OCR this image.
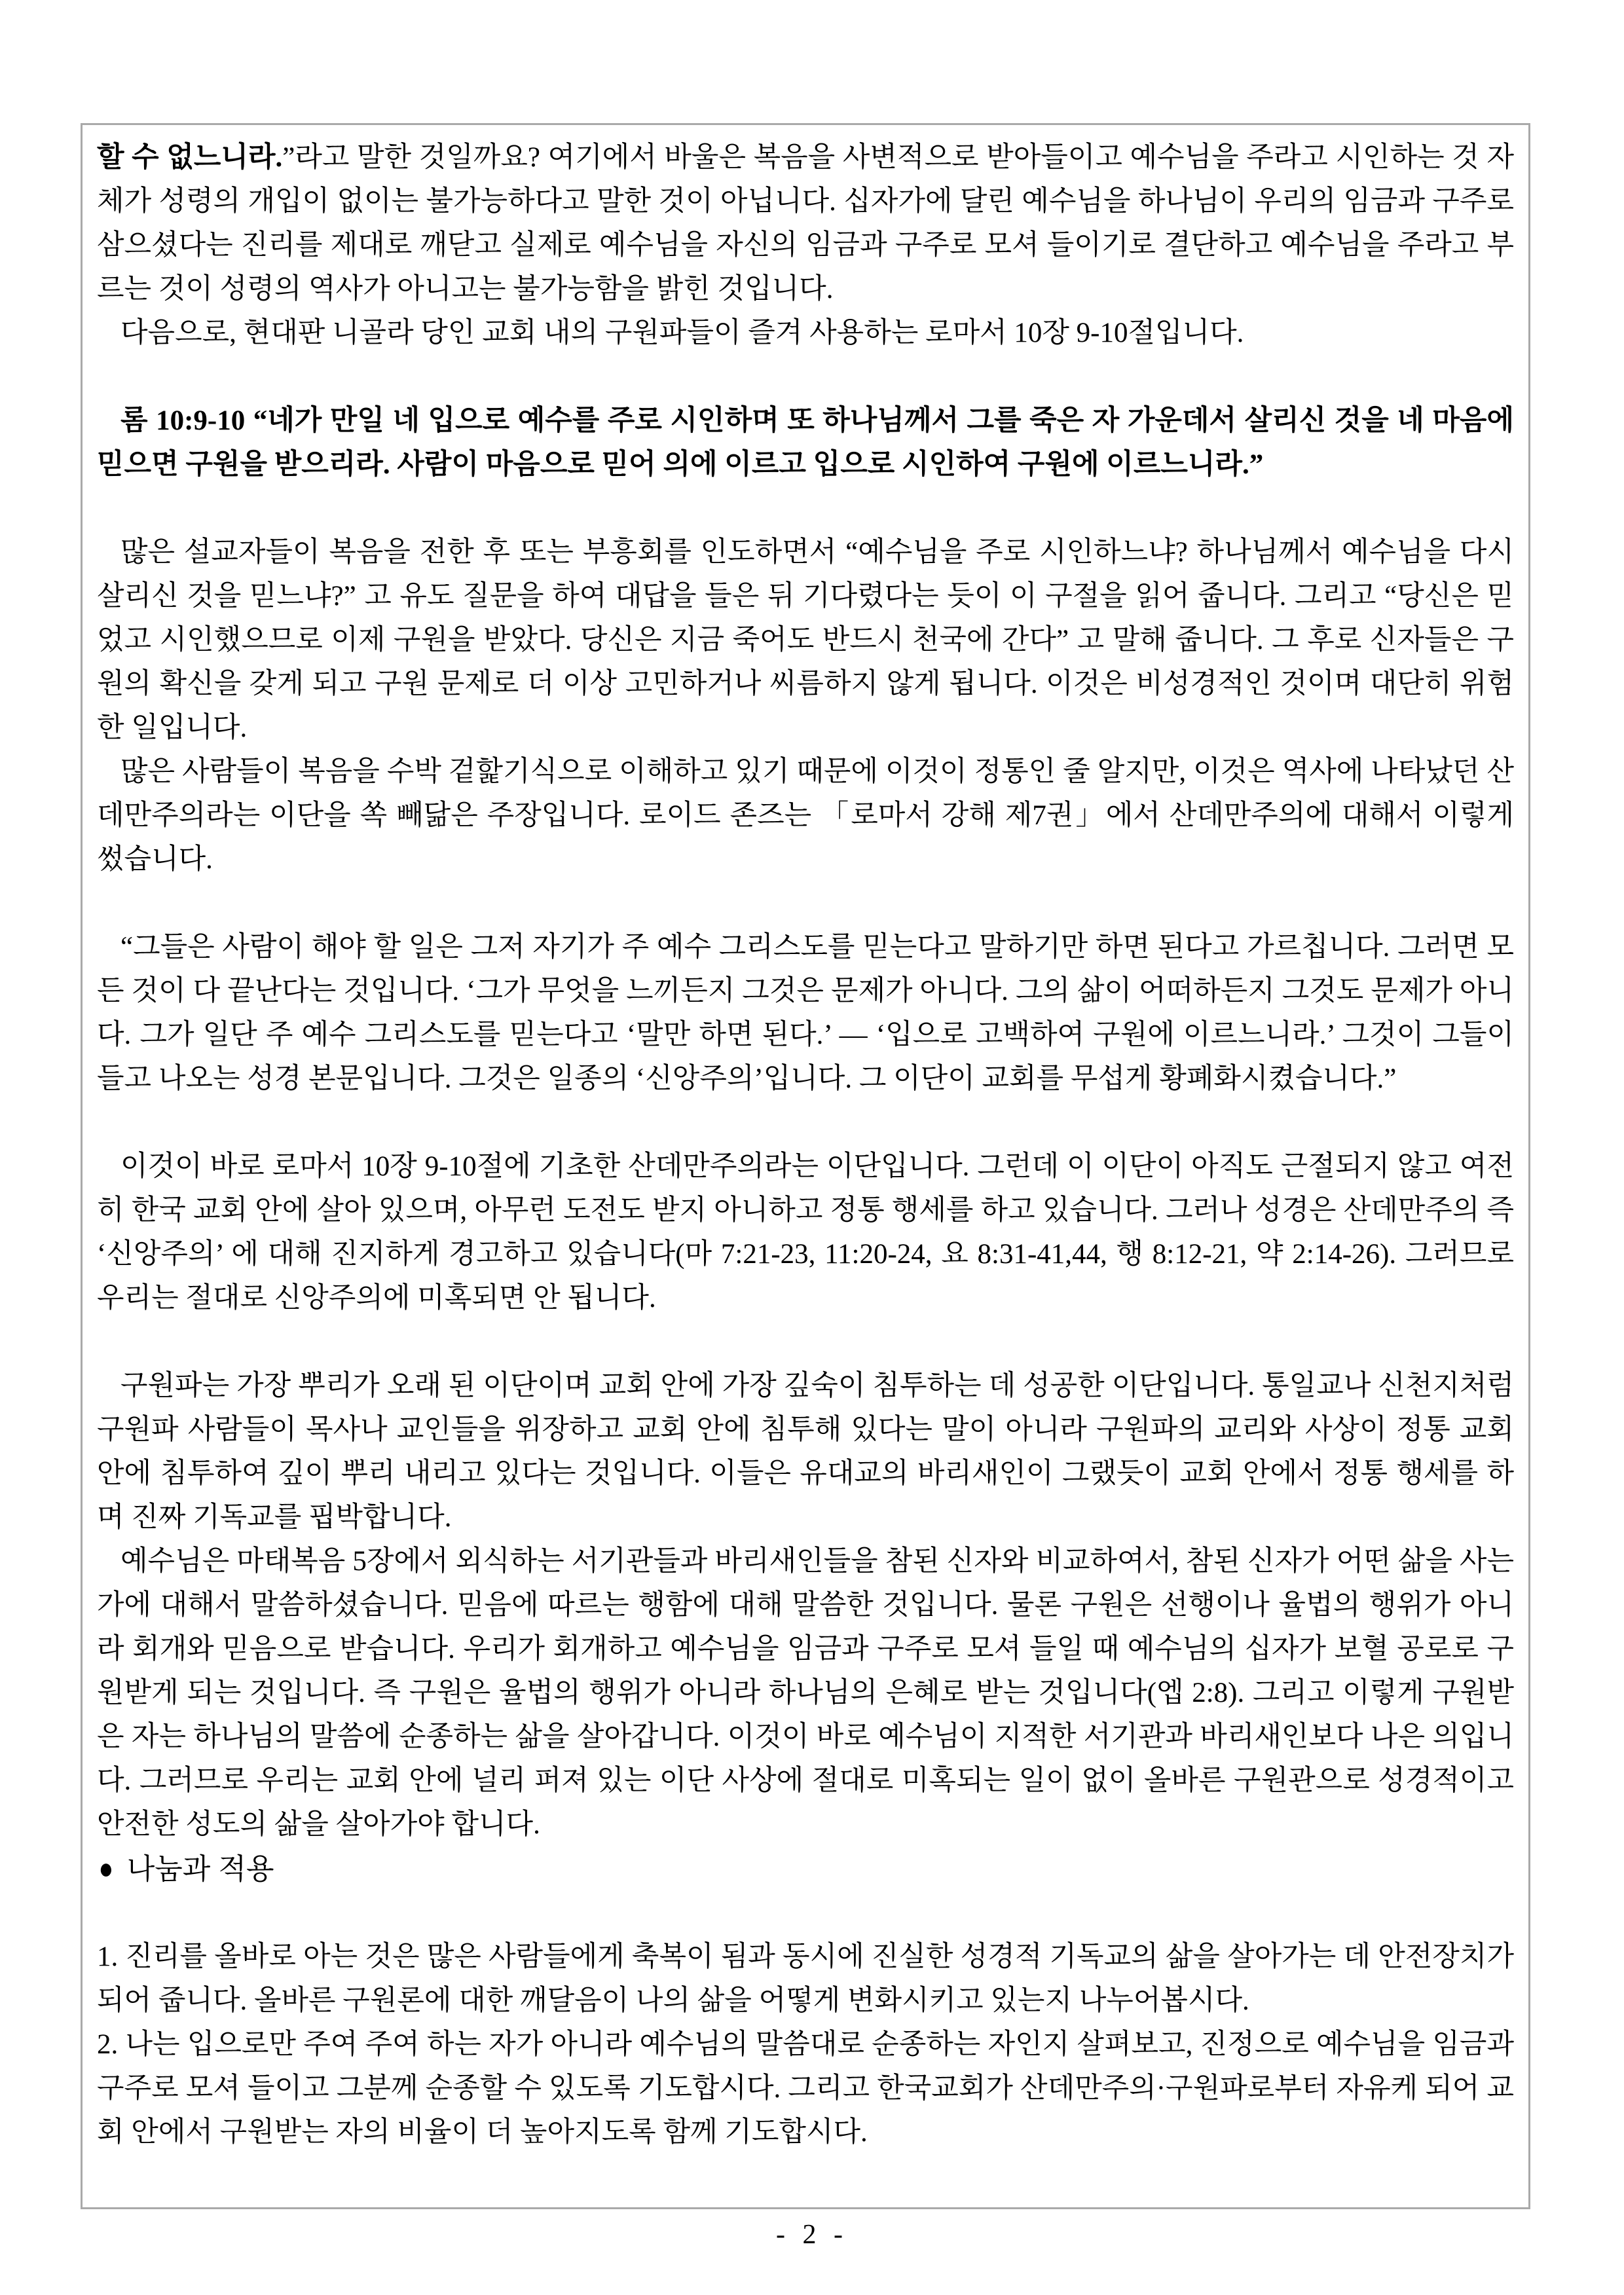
할 수 없느니라.”라고 말한 것일까요? 여기에서 바울은 복음을 사변적으로 받아들이고 예수님을 주라고 시인하는 것 자체가 성령의 개입이 없이는 불가능하다고 말한 것이 아닙니다. 십자가에 달린 예수님을 하나님이 우리의 임금과 구주로 삼으셨다는 진리를 제대로 깨닫고 실제로 예수님을 자신의 임금과 구주로 모셔 들이기로 결단하고 예수님을 주라고 부르는 것이 성령의 역사가 아니고는 불가능함을 밝힌 것입니다.

다음으로, 현대판 니골라 당인 교회 내의 구원파들이 즐겨 사용하는 로마서 10장 9-10절입니다.

롬 10:9-10 “네가 만일 네 입으로 예수를 주로 시인하며 또 하나님께서 그를 죽은 자 가운데서 살리신 것을 네 마음에 믿으면 구원을 받으리라. 사람이 마음으로 믿어 의에 이르고 입으로 시인하여 구원에 이르느니라.”

많은 설교자들이 복음을 전한 후 또는 부흥회를 인도하면서 “예수님을 주로 시인하느냐? 하나님께서 예수님을 다시 살리신 것을 믿느냐?” 고 유도 질문을 하여 대답을 들은 뒤 기다렸다는 듯이 이 구절을 읽어 줍니다. 그리고 “당신은 믿었고 시인했으므로 이제 구원을 받았다. 당신은 지금 죽어도 반드시 천국에 간다” 고 말해 줍니다. 그 후로 신자들은 구원의 확신을 갖게 되고 구원 문제로 더 이상 고민하거나 씨름하지 않게 됩니다. 이것은 비성경적인 것이며 대단히 위험한 일입니다.

많은 사람들이 복음을 수박 겉핥기식으로 이해하고 있기 때문에 이것이 정통인 줄 알지만, 이것은 역사에 나타났던 산데만주의라는 이단을 쏙 빼닮은 주장입니다. 로이드 존즈는 「로마서 강해 제7권」에서 산데만주의에 대해서 이렇게 썼습니다.

“그들은 사람이 해야 할 일은 그저 자기가 주 예수 그리스도를 믿는다고 말하기만 하면 된다고 가르칩니다. 그러면 모든 것이 다 끝난다는 것입니다. ‘그가 무엇을 느끼든지 그것은 문제가 아니다. 그의 삶이 어떠하든지 그것도 문제가 아니다. 그가 일단 주 예수 그리스도를 믿는다고 ‘말만 하면 된다.’ ― ‘입으로 고백하여 구원에 이르느니라.’ 그것이 그들이 들고 나오는 성경 본문입니다. 그것은 일종의 ‘신앙주의’입니다. 그 이단이 교회를 무섭게 황폐화시켰습니다.”

이것이 바로 로마서 10장 9-10절에 기초한 산데만주의라는 이단입니다. 그런데 이 이단이 아직도 근절되지 않고 여전히 한국 교회 안에 살아 있으며, 아무런 도전도 받지 아니하고 정통 행세를 하고 있습니다. 그러나 성경은 산데만주의 즉 ‘신앙주의’ 에 대해 진지하게 경고하고 있습니다(마 7:21-23, 11:20-24, 요 8:31-41,44, 행 8:12-21, 약 2:14-26). 그러므로 우리는 절대로 신앙주의에 미혹되면 안 됩니다.

구원파는 가장 뿌리가 오래 된 이단이며 교회 안에 가장 깊숙이 침투하는 데 성공한 이단입니다. 통일교나 신천지처럼 구원파 사람들이 목사나 교인들을 위장하고 교회 안에 침투해 있다는 말이 아니라 구원파의 교리와 사상이 정통 교회 안에 침투하여 깊이 뿌리 내리고 있다는 것입니다. 이들은 유대교의 바리새인이 그랬듯이 교회 안에서 정통 행세를 하며 진짜 기독교를 핍박합니다.

예수님은 마태복음 5장에서 외식하는 서기관들과 바리새인들을 참된 신자와 비교하여서, 참된 신자가 어떤 삶을 사는가에 대해서 말씀하셨습니다. 믿음에 따르는 행함에 대해 말씀한 것입니다. 물론 구원은 선행이나 율법의 행위가 아니라 회개와 믿음으로 받습니다. 우리가 회개하고 예수님을 임금과 구주로 모셔 들일 때 예수님의 십자가 보혈 공로로 구원받게 되는 것입니다. 즉 구원은 율법의 행위가 아니라 하나님의 은혜로 받는 것입니다(엡 2:8). 그리고 이렇게 구원받은 자는 하나님의 말씀에 순종하는 삶을 살아갑니다. 이것이 바로 예수님이 지적한 서기관과 바리새인보다 나은 의입니다. 그러므로 우리는 교회 안에 널리 퍼져 있는 이단 사상에 절대로 미혹되는 일이 없이 올바른 구원관으로 성경적이고 안전한 성도의 삶을 살아가야 합니다.

● 나눔과 적용

1. 진리를 올바로 아는 것은 많은 사람들에게 축복이 됨과 동시에 진실한 성경적 기독교의 삶을 살아가는 데 안전장치가 되어 줍니다. 올바른 구원론에 대한 깨달음이 나의 삶을 어떻게 변화시키고 있는지 나누어봅시다.

2. 나는 입으로만 주여 주여 하는 자가 아니라 예수님의 말씀대로 순종하는 자인지 살펴보고, 진정으로 예수님을 임금과 구주로 모셔 들이고 그분께 순종할 수 있도록 기도합시다. 그리고 한국교회가 산데만주의·구원파로부터 자유케 되어 교회 안에서 구원받는 자의 비율이 더 높아지도록 함께 기도합시다.

- 2 -
